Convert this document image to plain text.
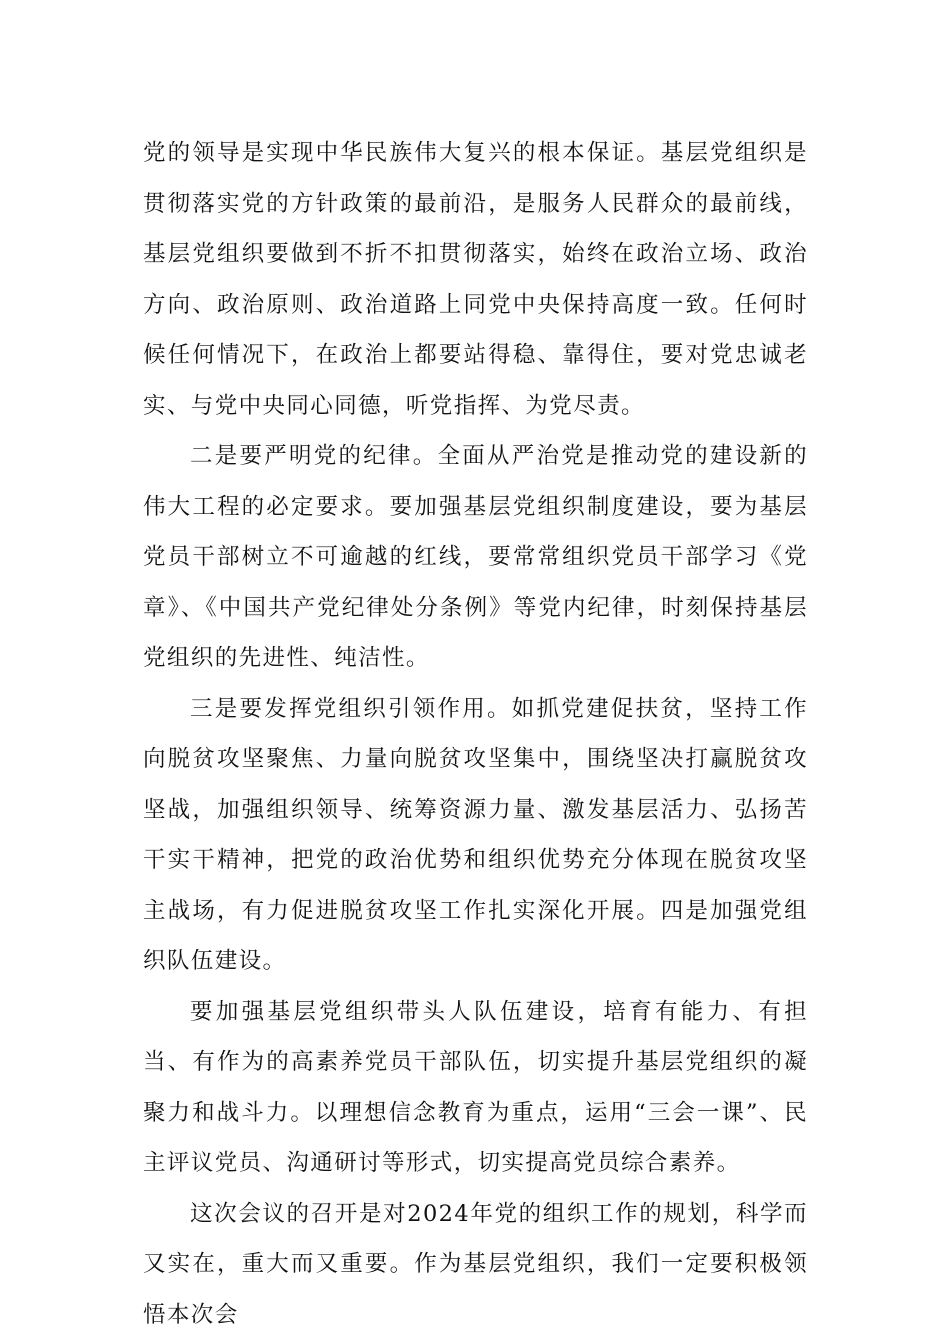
党的领导是实现中华民族伟大复兴的根本保证。基层党组织是贯彻落实党的方针政策的最前沿，是服务人民群众的最前线，基层党组织要做到不折不扣贯彻落实，始终在政治立场、政治方向、政治原则、政治道路上同党中央保持高度一致。任何时候任何情况下，在政治上都要站得稳、靠得住，要对党忠诚老实、与党中央同心同德，听党指挥、为党尽责。

二是要严明党的纪律。全面从严治党是推动党的建设新的伟大工程的必定要求。要加强基层党组织制度建设，要为基层党员干部树立不可逾越的红线，要常常组织党员干部学习《党章》、《中国共产党纪律处分条例》等党内纪律，时刻保持基层党组织的先进性、纯洁性。

三是要发挥党组织引领作用。如抓党建促扶贫，坚持工作向脱贫攻坚聚焦、力量向脱贫攻坚集中，围绕坚决打赢脱贫攻坚战，加强组织领导、统筹资源力量、激发基层活力、弘扬苦干实干精神，把党的政治优势和组织优势充分体现在脱贫攻坚主战场，有力促进脱贫攻坚工作扎实深化开展。四是加强党组织队伍建设。

要加强基层党组织带头人队伍建设，培育有能力、有担当、有作为的高素养党员干部队伍，切实提升基层党组织的凝聚力和战斗力。以理想信念教育为重点，运用“三会一课”、民主评议党员、沟通研讨等形式，切实提高党员综合素养。

这次会议的召开是对2024年党的组织工作的规划，科学而又实在，重大而又重要。作为基层党组织，我们一定要积极领悟本次会
